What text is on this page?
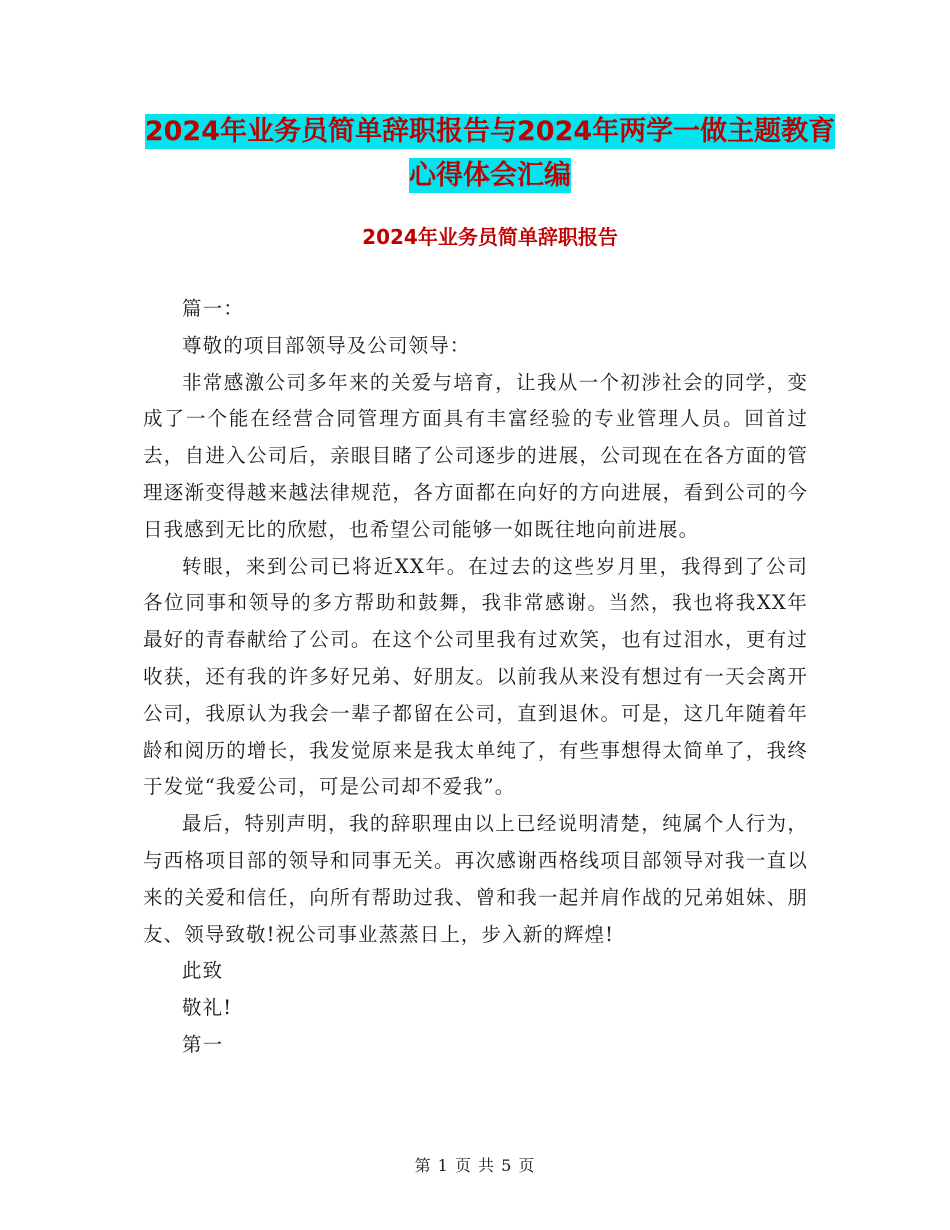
2024年业务员简单辞职报告与2024年两学一做主题教育心得体会汇编
2024年业务员简单辞职报告

篇一：

尊敬的项目部领导及公司领导：

非常感激公司多年来的关爱与培育，让我从一个初涉社会的同学，变成了一个能在经营合同管理方面具有丰富经验的专业管理人员。回首过去，自进入公司后，亲眼目睹了公司逐步的进展，公司现在在各方面的管理逐渐变得越来越法律规范，各方面都在向好的方向进展，看到公司的今日我感到无比的欣慰，也希望公司能够一如既往地向前进展。

转眼，来到公司已将近XX年。在过去的这些岁月里，我得到了公司各位同事和领导的多方帮助和鼓舞，我非常感谢。当然，我也将我XX年最好的青春献给了公司。在这个公司里我有过欢笑，也有过泪水，更有过收获，还有我的许多好兄弟、好朋友。以前我从来没有想过有一天会离开公司，我原认为我会一辈子都留在公司，直到退休。可是，这几年随着年龄和阅历的增长，我发觉原来是我太单纯了，有些事想得太简单了，我终于发觉“我爱公司，可是公司却不爱我”。

最后，特别声明，我的辞职理由以上已经说明清楚，纯属个人行为，与西格项目部的领导和同事无关。再次感谢西格线项目部领导对我一直以来的关爱和信任，向所有帮助过我、曾和我一起并肩作战的兄弟姐妹、朋友、领导致敬!祝公司事业蒸蒸日上，步入新的辉煌!

此致

敬礼!

第一

第 1 页 共 5 页
